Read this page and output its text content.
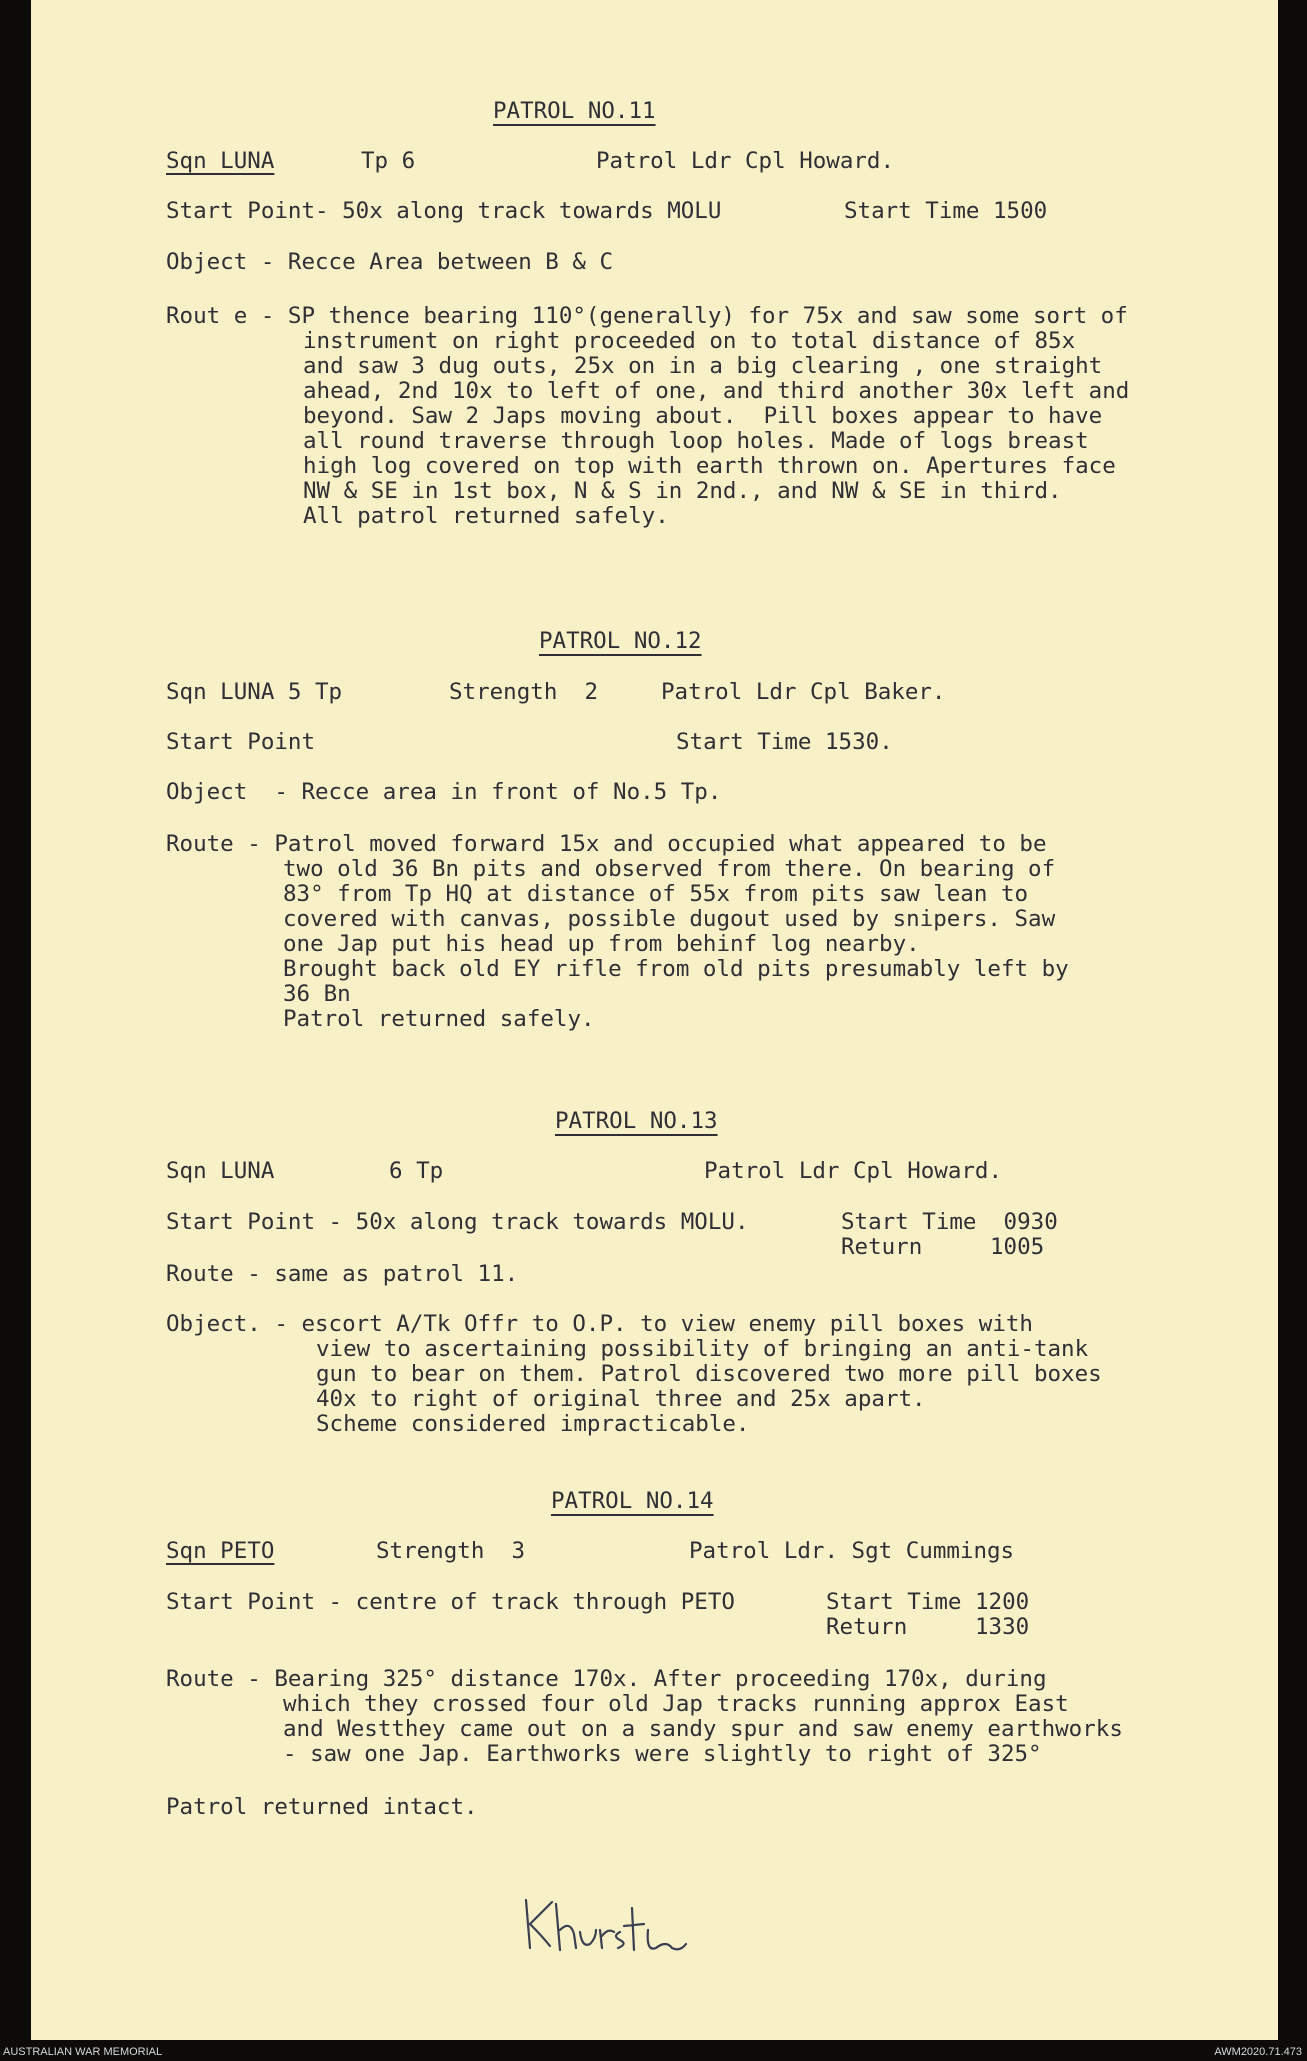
PATROL NO.11
Sqn LUNA	Tp 6	Patrol Ldr Cpl Howard.
Start Point- 50x along track towards MOLU	Start Time 1500
Object - Recce Area between B & C
Rout e - SP thence bearing 110°(generally) for 75x and saw some sort of
instrument on right proceeded on to total distance of 85x
and saw 3 dug outs, 25x on in a big clearing , one straight
ahead, 2nd 10x to left of one, and third another 30x left and
beyond. Saw 2 Japs moving about.  Pill boxes appear to have
all round traverse through loop holes. Made of logs breast
high log covered on top with earth thrown on. Apertures face
NW & SE in 1st box, N & S in 2nd., and NW & SE in third.
All patrol returned safely.
PATROL NO.12
Sqn LUNA 5 Tp	Strength  2	Patrol Ldr Cpl Baker.
Start Point	Start Time 1530.
Object  - Recce area in front of No.5 Tp.
Route - Patrol moved forward 15x and occupied what appeared to be
two old 36 Bn pits and observed from there. On bearing of
83° from Tp HQ at distance of 55x from pits saw lean to
covered with canvas, possible dugout used by snipers. Saw
one Jap put his head up from behinf log nearby.
Brought back old EY rifle from old pits presumably left by
36 Bn
Patrol returned safely.
PATROL NO.13
Sqn LUNA	6 Tp	Patrol Ldr Cpl Howard.
Start Point - 50x along track towards MOLU.	Start Time  0930
Return     1005
Route - same as patrol 11.
Object. - escort A/Tk Offr to O.P. to view enemy pill boxes with
view to ascertaining possibility of bringing an anti-tank
gun to bear on them. Patrol discovered two more pill boxes
40x to right of original three and 25x apart.
Scheme considered impracticable.
PATROL NO.14
Sqn PETO	Strength  3	Patrol Ldr. Sgt Cummings
Start Point - centre of track through PETO	Start Time 1200
Return     1330
Route - Bearing 325° distance 170x. After proceeding 170x, during
which they crossed four old Jap tracks running approx East
and Westthey came out on a sandy spur and saw enemy earthworks
- saw one Jap. Earthworks were slightly to right of 325°
Patrol returned intact.
AUSTRALIAN WAR MEMORIAL	AWM2020.71.473
